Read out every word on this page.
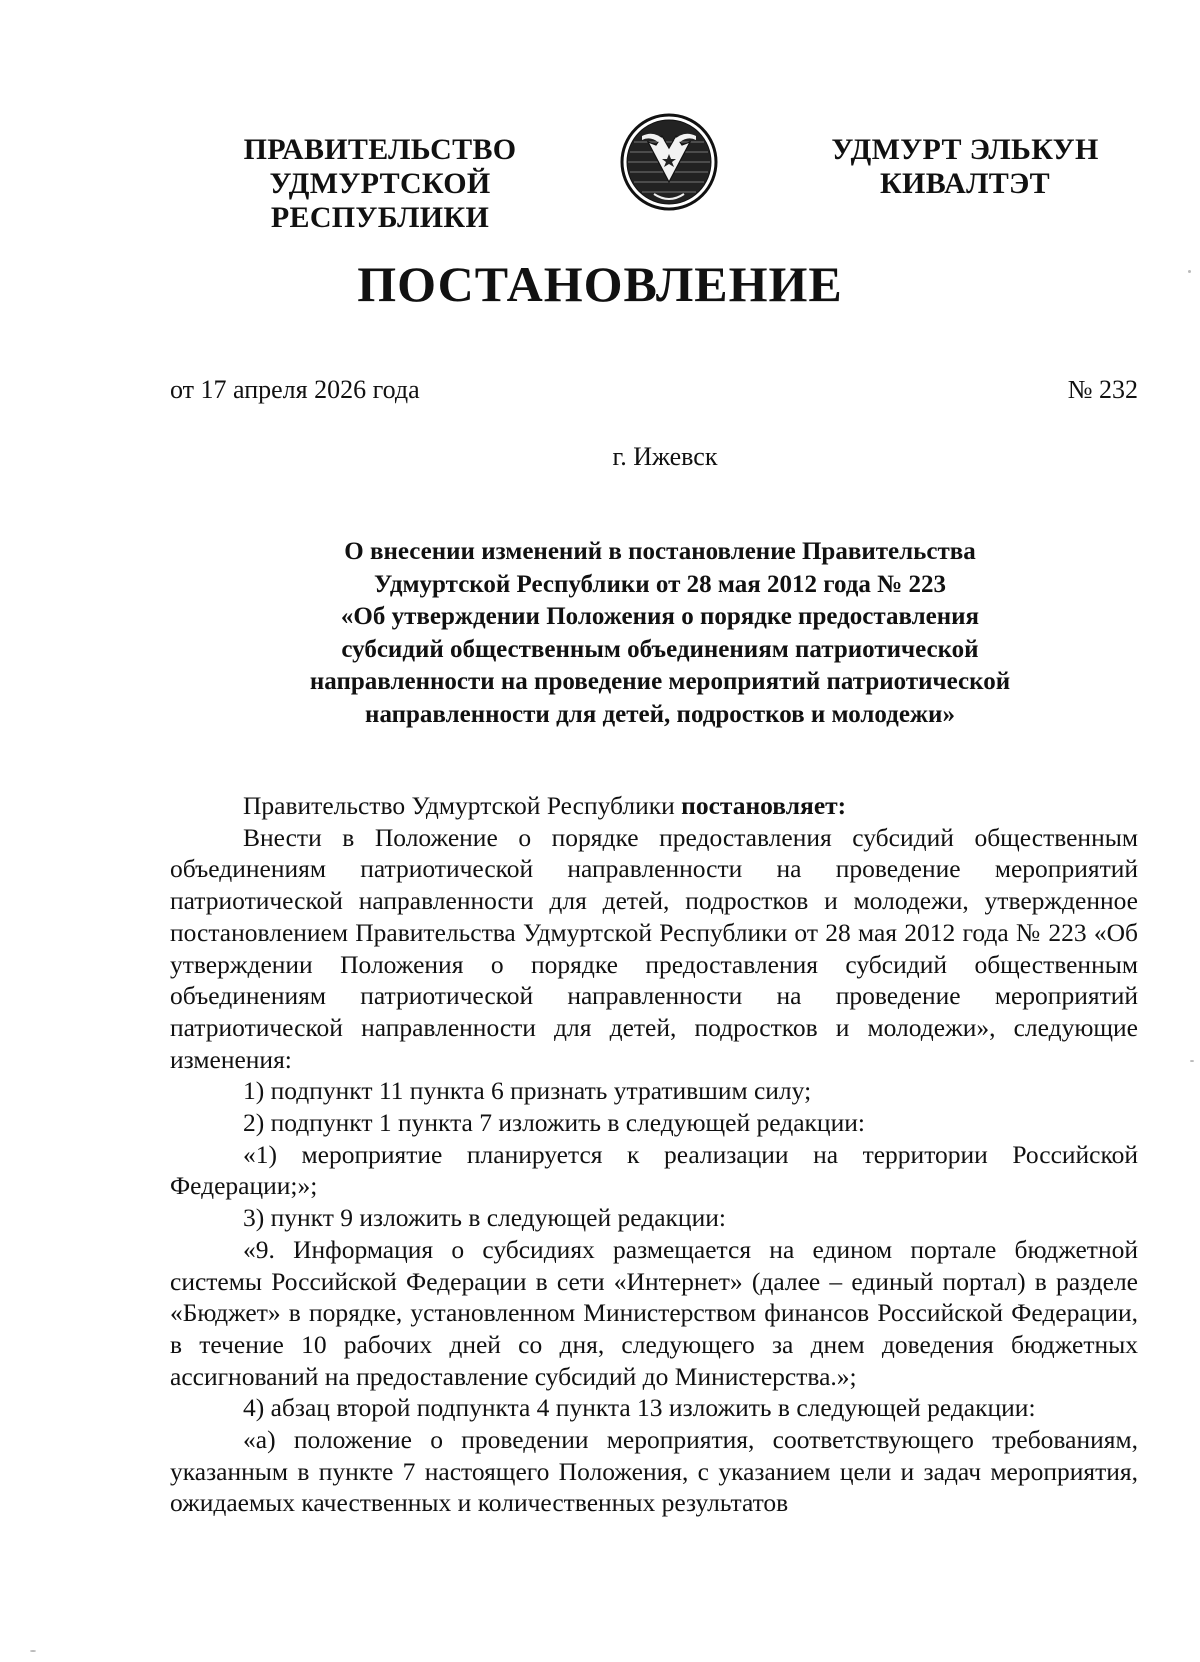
ПРАВИТЕЛЬСТВО
УДМУРТСКОЙ РЕСПУБЛИКИ
УДМУРТ ЭЛЬКУН
КИВАЛТЭТ
ПОСТАНОВЛЕНИЕ
от 17 апреля 2026 года	№ 232
г. Ижевск
О внесении изменений в постановление Правительства
Удмуртской Республики от 28 мая 2012 года № 223
«Об утверждении Положения о порядке предоставления
субсидий общественным объединениям патриотической
направленности на проведение мероприятий патриотической
направленности для детей, подростков и молодежи»

Правительство Удмуртской Республики постановляет:

Внести в Положение о порядке предоставления субсидий общественным объединениям патриотической направленности на проведение мероприятий патриотической направленности для детей, подростков и молодежи, утвержденное постановлением Правительства Удмуртской Республики от 28 мая 2012 года № 223 «Об утверждении Положения о порядке предоставления субсидий общественным объединениям патриотической направленности на проведение мероприятий патриотической направленности для детей, подростков и молодежи», следующие изменения:

1) подпункт 11 пункта 6 признать утратившим силу;

2) подпункт 1 пункта 7 изложить в следующей редакции:

«1) мероприятие планируется к реализации на территории Российской Федерации;»;

3) пункт 9 изложить в следующей редакции:

«9. Информация о субсидиях размещается на едином портале бюджетной системы Российской Федерации в сети «Интернет» (далее – единый портал) в разделе «Бюджет» в порядке, установленном Министерством финансов Российской Федерации, в течение 10 рабочих дней со дня, следующего за днем доведения бюджетных ассигнований на предоставление субсидий до Министерства.»;

4) абзац второй подпункта 4 пункта 13 изложить в следующей редакции:

«а) положение о проведении мероприятия, соответствующего требованиям, указанным в пункте 7 настоящего Положения, с указанием цели и задач мероприятия, ожидаемых качественных и количественных результатов
